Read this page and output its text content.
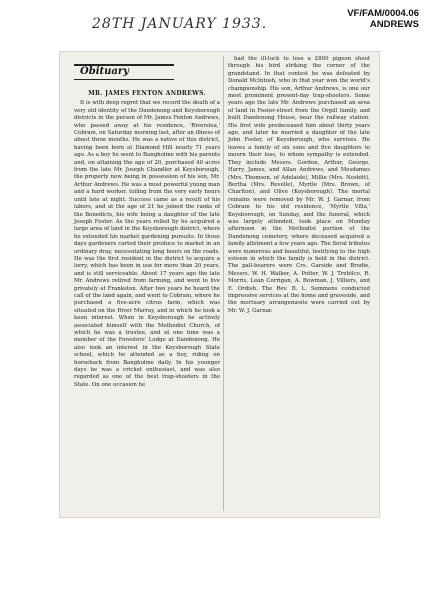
28TH JANUARY 1933.
VF/FAM/0004.06
ANDREWS
Obituary
MR. JAMES FENTON ANDREWS.

It is with deep regret that we record the death of a very old identity of the Dandenong and Keysborough districts in the person of Mr. James Fenton Andrews, who passed away at his residence, 'Riverslea,' Cobram, on Saturday morning last, after an illness of about three months. He was a native of this district, having been born at Diamond Hill nearly 71 years ago. As a boy he went to Bangholme with his parents and, on attaining the age of 20, purchased 40 acres from the late Mr. Joseph Chandler at Keysborough, the property now being in possession of his son, Mr. Arthur Andrews. He was a most powerful young man and a hard worker, toiling from the very early hours until late at night. Success came as a result of his labors, and at the age of 21 he joined the ranks of the Benedicts, his wife being a daughter of the late Joseph Foster. As the years rolled by he acquired a large area of land in the Keysborough district, where he extended his market gardening pursuits. In those days gardeners carted their produce to market in an ordinary dray, necessitating long hours on the roads. He was the first resident in the district to acquire a lorry, which has been in use for more than 20 years, and is still serviceable. About 17 years ago the late Mr. Andrews retired from farming, and went to live privately at Frankston. After two years he heard the call of the land again, and went to Cobram, where he purchased a five-acre citrus farm, which was situated on the River Murray, and in which he took a keen interest. When in Keysborough he actively associated himself with the Methodist Church, of which he was a trustee, and at one time was a member of the Foresters' Lodge at Dandenong. He also took an interest in the Keysborough State school, which he attended as a boy, riding on horseback from Bangholme daily. In his younger days he was a cricket enthusiast, and was also regarded as one of the best trap-shooters in the State. On one occasion he

had the ill-luck to lose a £800 pigeon shoot through his bird striking the corner of the grandstand. In that contest he was defeated by Donald McIntosh, who in that year won the world's championship. His son, Arthur Andrews, is one our most prominent present-day trap-shooters. Some years ago the late Mr. Andrews purchased an area of land in Foster-street from the Orgill family, and built Dandenong House, near the railway station. His first wife predeceased him about thirty years ago, and later he married a daughter of the late John Foster, of Keysborough, who survives. He leaves a family of six sons and five daughters to mourn their loss, to whom sympathy is extended. They include Messrs. Gordon, Arthur, George, Harry, James, and Allan Andrews, and Mesdames (Mrs. Thomson, of Adelaide), Millie (Mrs. Nesbitt), Bertha (Mrs. Revelle), Myrtle (Mrs. Brown, of Charlton), and Olive (Keysborough). The mortal remains were removed by Mr. W. J. Garnar, from Cobram to his old residence, 'Myrtle Villa,' Keysborough, on Sunday, and the funeral, which was largely attended, took place on Monday afternoon in the Methodist portion of the Dandenong cemetery, where deceased acquired a family allotment a few years ago. The floral tributes were numerous and beautiful, testifying to the high esteem in which the family is held in the district. The pall-bearers were Crs. Garside and Brodie, Messrs. W. H. Walker, A. Potter, W. J. Trebilco, R. Morris, Lean Corrigan, A. Bowman, J. Villiers, and E. Ordish. The Rev. B. L. Semmens conducted impressive services at the home and graveside, and the mortuary arrangements were carried out by Mr. W. J. Garnar.
